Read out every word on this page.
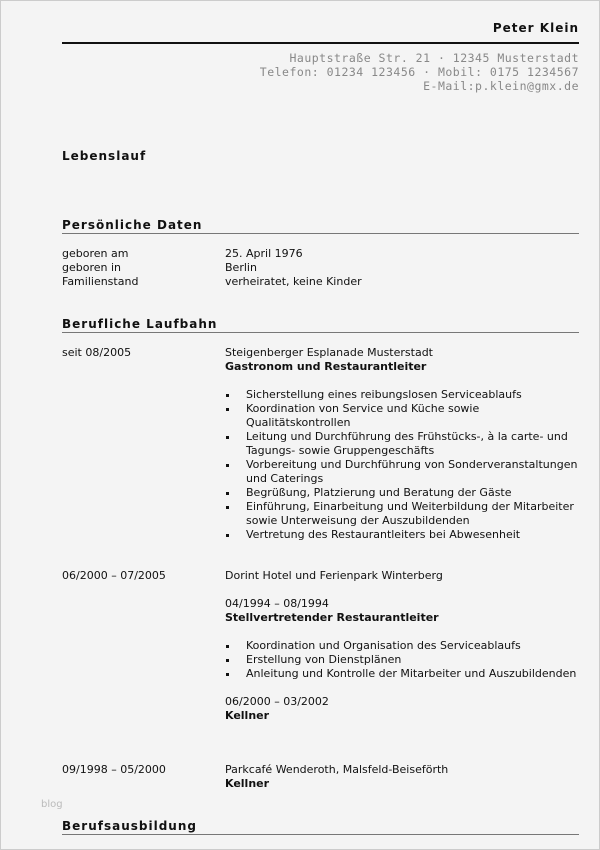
Peter Klein
Hauptstraße Str. 21 · 12345 Musterstadt
Telefon: 01234 123456 · Mobil: 0175 1234567
E-Mail:p.klein@gmx.de
Lebenslauf
Persönliche Daten
geboren am	25. April 1976
geboren in	Berlin
Familienstand	verheiratet, keine Kinder
Berufliche Laufbahn
seit 08/2005	Steigenberger Esplanade Musterstadt
Gastronom und Restaurantleiter
Sicherstellung eines reibungslosen Serviceablaufs
Koordination von Service und Küche sowie Qualitätskontrollen
Leitung und Durchführung des Frühstücks-, à la carte- und Tagungs- sowie Gruppengeschäfts
Vorbereitung und Durchführung von Sonderveranstaltungen und Caterings
Begrüßung, Platzierung und Beratung der Gäste
Einführung, Einarbeitung und Weiterbildung der Mitarbeiter sowie Unterweisung der Auszubildenden
Vertretung des Restaurantleiters bei Abwesenheit
06/2000 – 07/2005	Dorint Hotel und Ferienpark Winterberg
04/1994 – 08/1994
Stellvertretender Restaurantleiter
Koordination und Organisation des Serviceablaufs
Erstellung von Dienstplänen
Anleitung und Kontrolle der Mitarbeiter und Auszubildenden
06/2000 – 03/2002
Kellner
09/1998 – 05/2000	Parkcafé Wenderoth, Malsfeld-Beiseförth
Kellner
blog
Berufsausbildung
